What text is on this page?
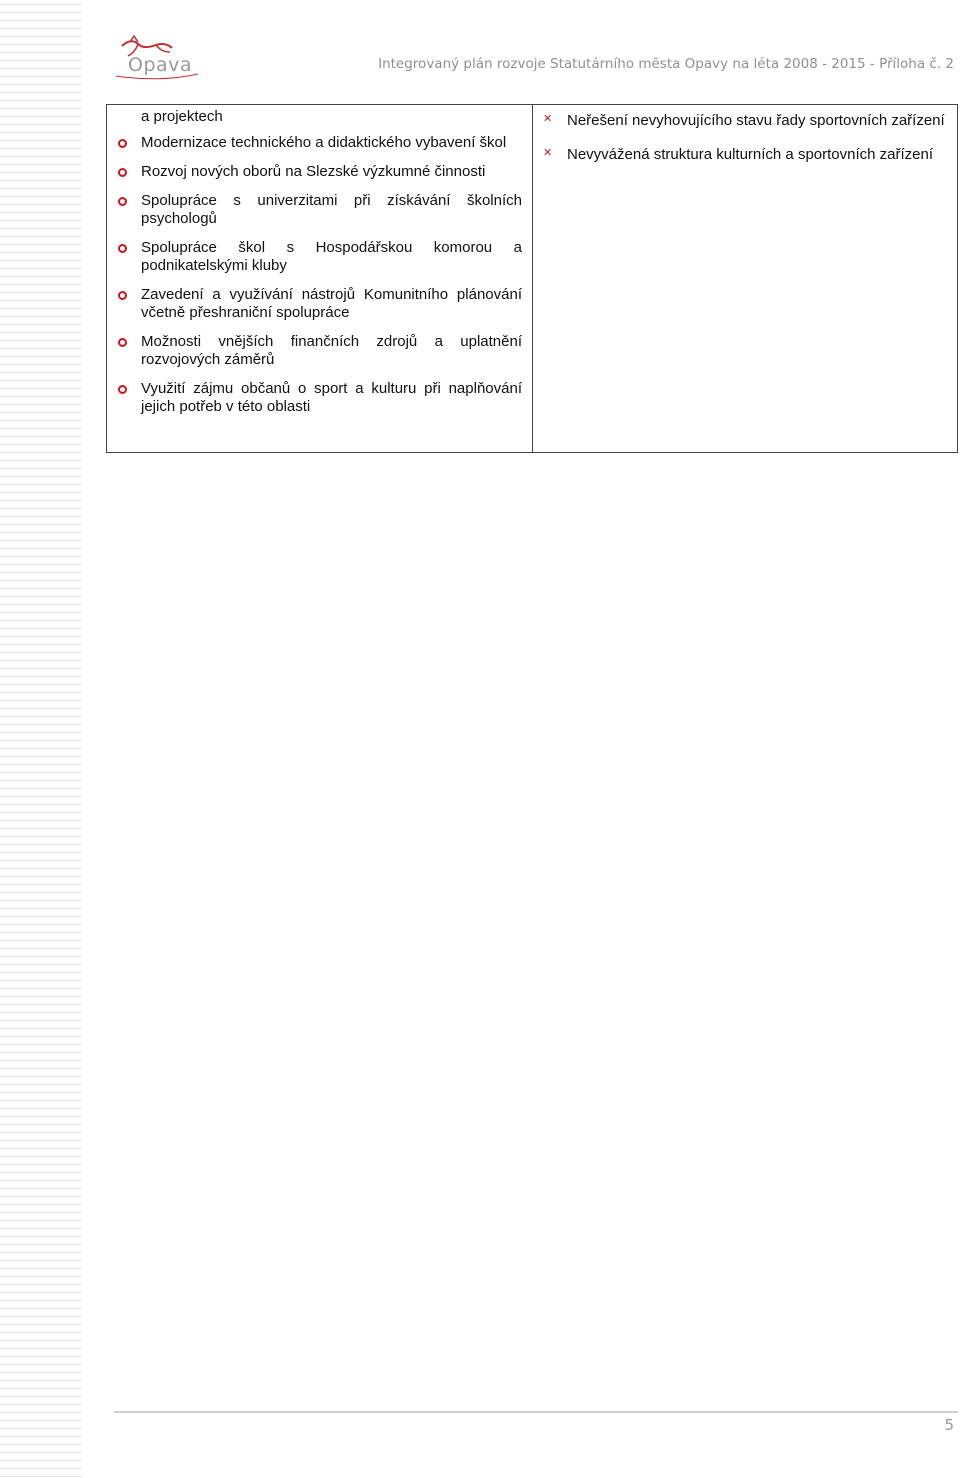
Opava	Integrovaný plán rozvoje Statutárního města Opavy na léta 2008 - 2015 - Příloha č. 2
a projektech
Modernizace technického a didaktického vybavení škol
Rozvoj nových oborů na Slezské výzkumné činnosti
Spolupráce s univerzitami při získávání školních psychologů
Spolupráce škol s Hospodářskou komorou a podnikatelskými kluby
Zavedení a využívání nástrojů Komunitního plánování včetně přeshraniční spolupráce
Možnosti vnějších finančních zdrojů a uplatnění rozvojových záměrů
Využití zájmu občanů o sport a kulturu při naplňování jejich potřeb v této oblasti
✕ Neřešení nevyhovujícího stavu řady sportovních zařízení
✕ Nevyvážená struktura kulturních a sportovních zařízení
5
